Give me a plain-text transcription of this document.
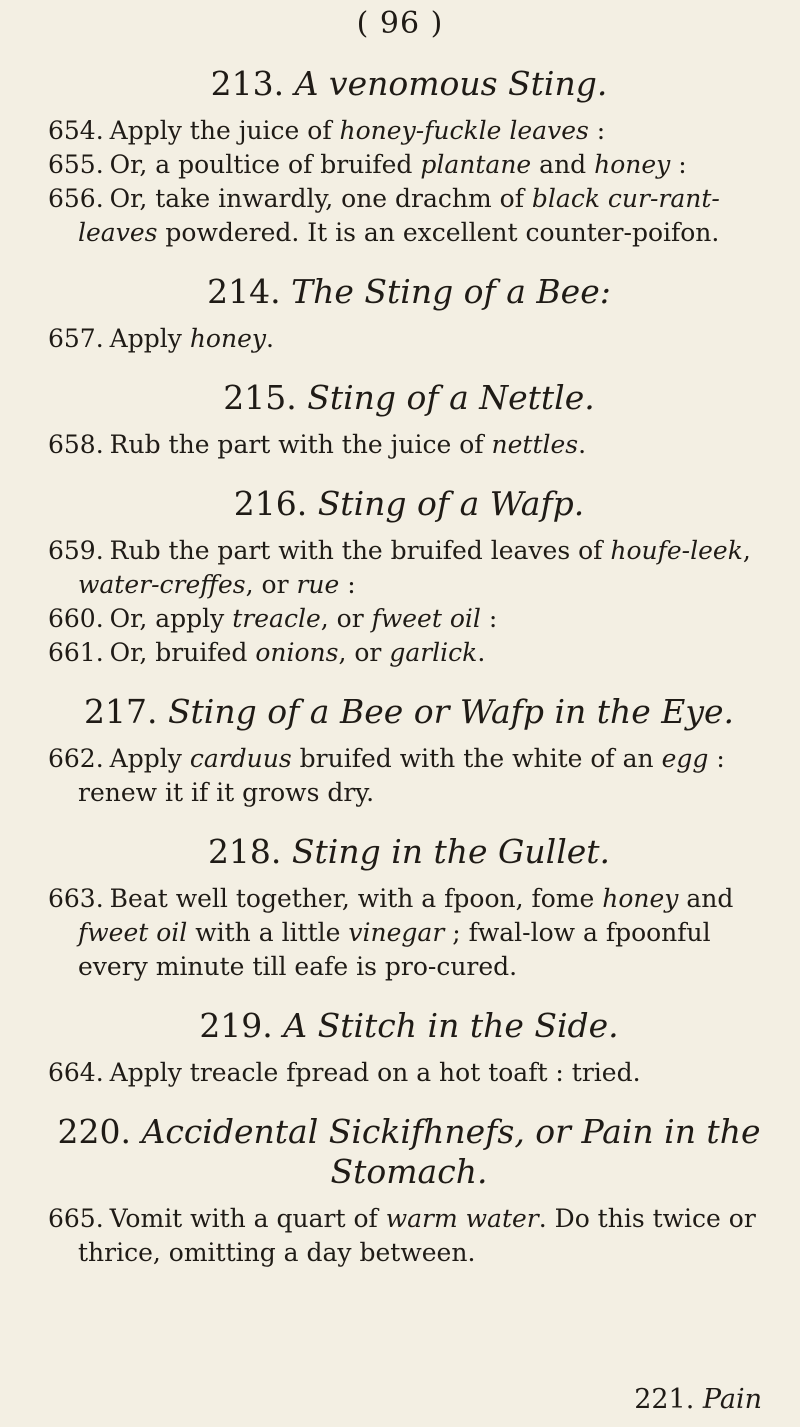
( 96 )
213. A venomous Sting.

654. Apply the juice of honey-fuckle leaves :

655. Or, a poultice of bruifed plantane and honey :

656. Or, take inwardly, one drachm of black cur-rant-leaves powdered. It is an excellent counter-poifon.

214. The Sting of a Bee:

657. Apply honey.

215. Sting of a Nettle.

658. Rub the part with the juice of nettles.

216. Sting of a Wafp.

659. Rub the part with the bruifed leaves of houfe-leek, water-creffes, or rue :

660. Or, apply treacle, or fweet oil :

661. Or, bruifed onions, or garlick.

217. Sting of a Bee or Wafp in the Eye.

662. Apply carduus bruifed with the white of an egg : renew it if it grows dry.

218. Sting in the Gullet.

663. Beat well together, with a fpoon, fome honey and fweet oil with a little vinegar ; fwal-low a fpoonful every minute till eafe is pro-cured.

219. A Stitch in the Side.

664. Apply treacle fpread on a hot toaft : tried.

220. Accidental Sickifhnefs, or Pain in the Stomach.

665. Vomit with a quart of warm water. Do this twice or thrice, omitting a day between.

221. Pain
